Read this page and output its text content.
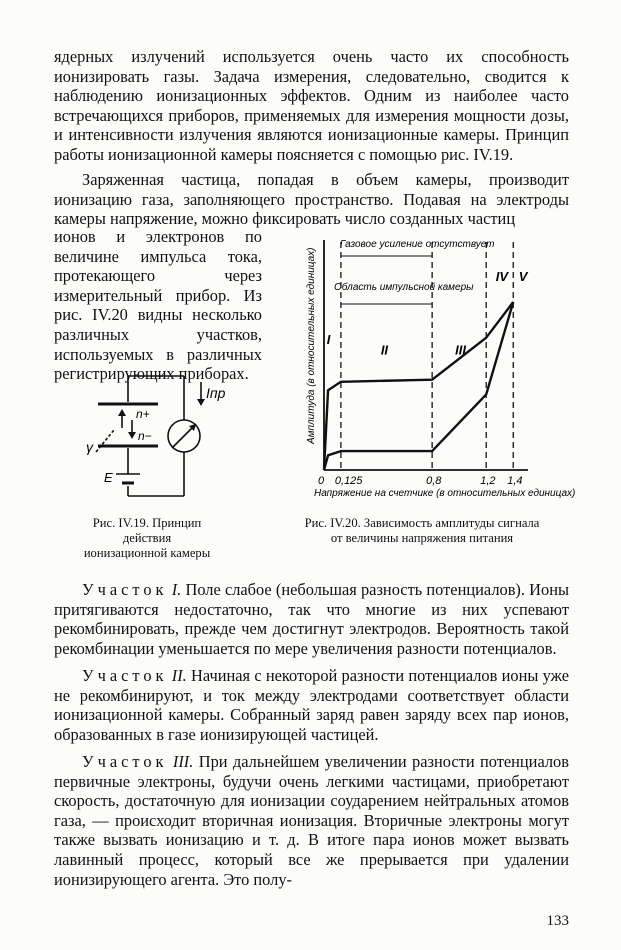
ядерных излучений используется очень часто их способность ионизировать газы. Задача измерения, следовательно, сводится к наблюдению ионизационных эффектов. Одним из наиболее часто встречающихся приборов, применяемых для измерения мощности дозы, и интенсивности излучения являются ионизационные камеры. Принцип работы ионизационной камеры поясняется с помощью рис. IV.19.

Заряженная частица, попадая в объем камеры, производит ионизацию газа, заполняющего пространство. Подавая на электроды камеры напряжение, можно фиксировать число созданных частиц

ионов и электронов по величине импульса тока, протекающего через измерительный прибор. Из рис. IV.20 видны несколько различных участков, используемых в различных регистрирующих приборах.

Iпр
n+
n−
γ
E
Рис. IV.19. Принцип действия ионизационной камеры
Газовое усиление отсутствует
Область импульсной камеры
Напряжение на счетчике (в относительных единицах)
Амплитуда (в относительных единицах)
0 0,125	0,8	1,2 1,4
I
II	III
IV V
Рис. IV.20. Зависимость амплитуды сигнала от величины напряжения питания

Участок I. Поле слабое (небольшая разность потенциалов). Ионы притягиваются недостаточно, так что многие из них успевают рекомбинировать, прежде чем достигнут электродов. Вероятность такой рекомбинации уменьшается по мере увеличения разности потенциалов.

Участок II. Начиная с некоторой разности потенциалов ионы уже не рекомбинируют, и ток между электродами соответствует области ионизационной камеры. Собранный заряд равен заряду всех пар ионов, образованных в газе ионизирующей частицей.

Участок III. При дальнейшем увеличении разности потенциалов первичные электроны, будучи очень легкими частицами, приобретают скорость, достаточную для ионизации соударением нейтральных атомов газа, — происходит вторичная ионизация. Вторичные электроны могут также вызвать ионизацию и т. д. В итоге пара ионов может вызвать лавинный процесс, который все же прерывается при удалении ионизирующего агента. Это полу-

133
